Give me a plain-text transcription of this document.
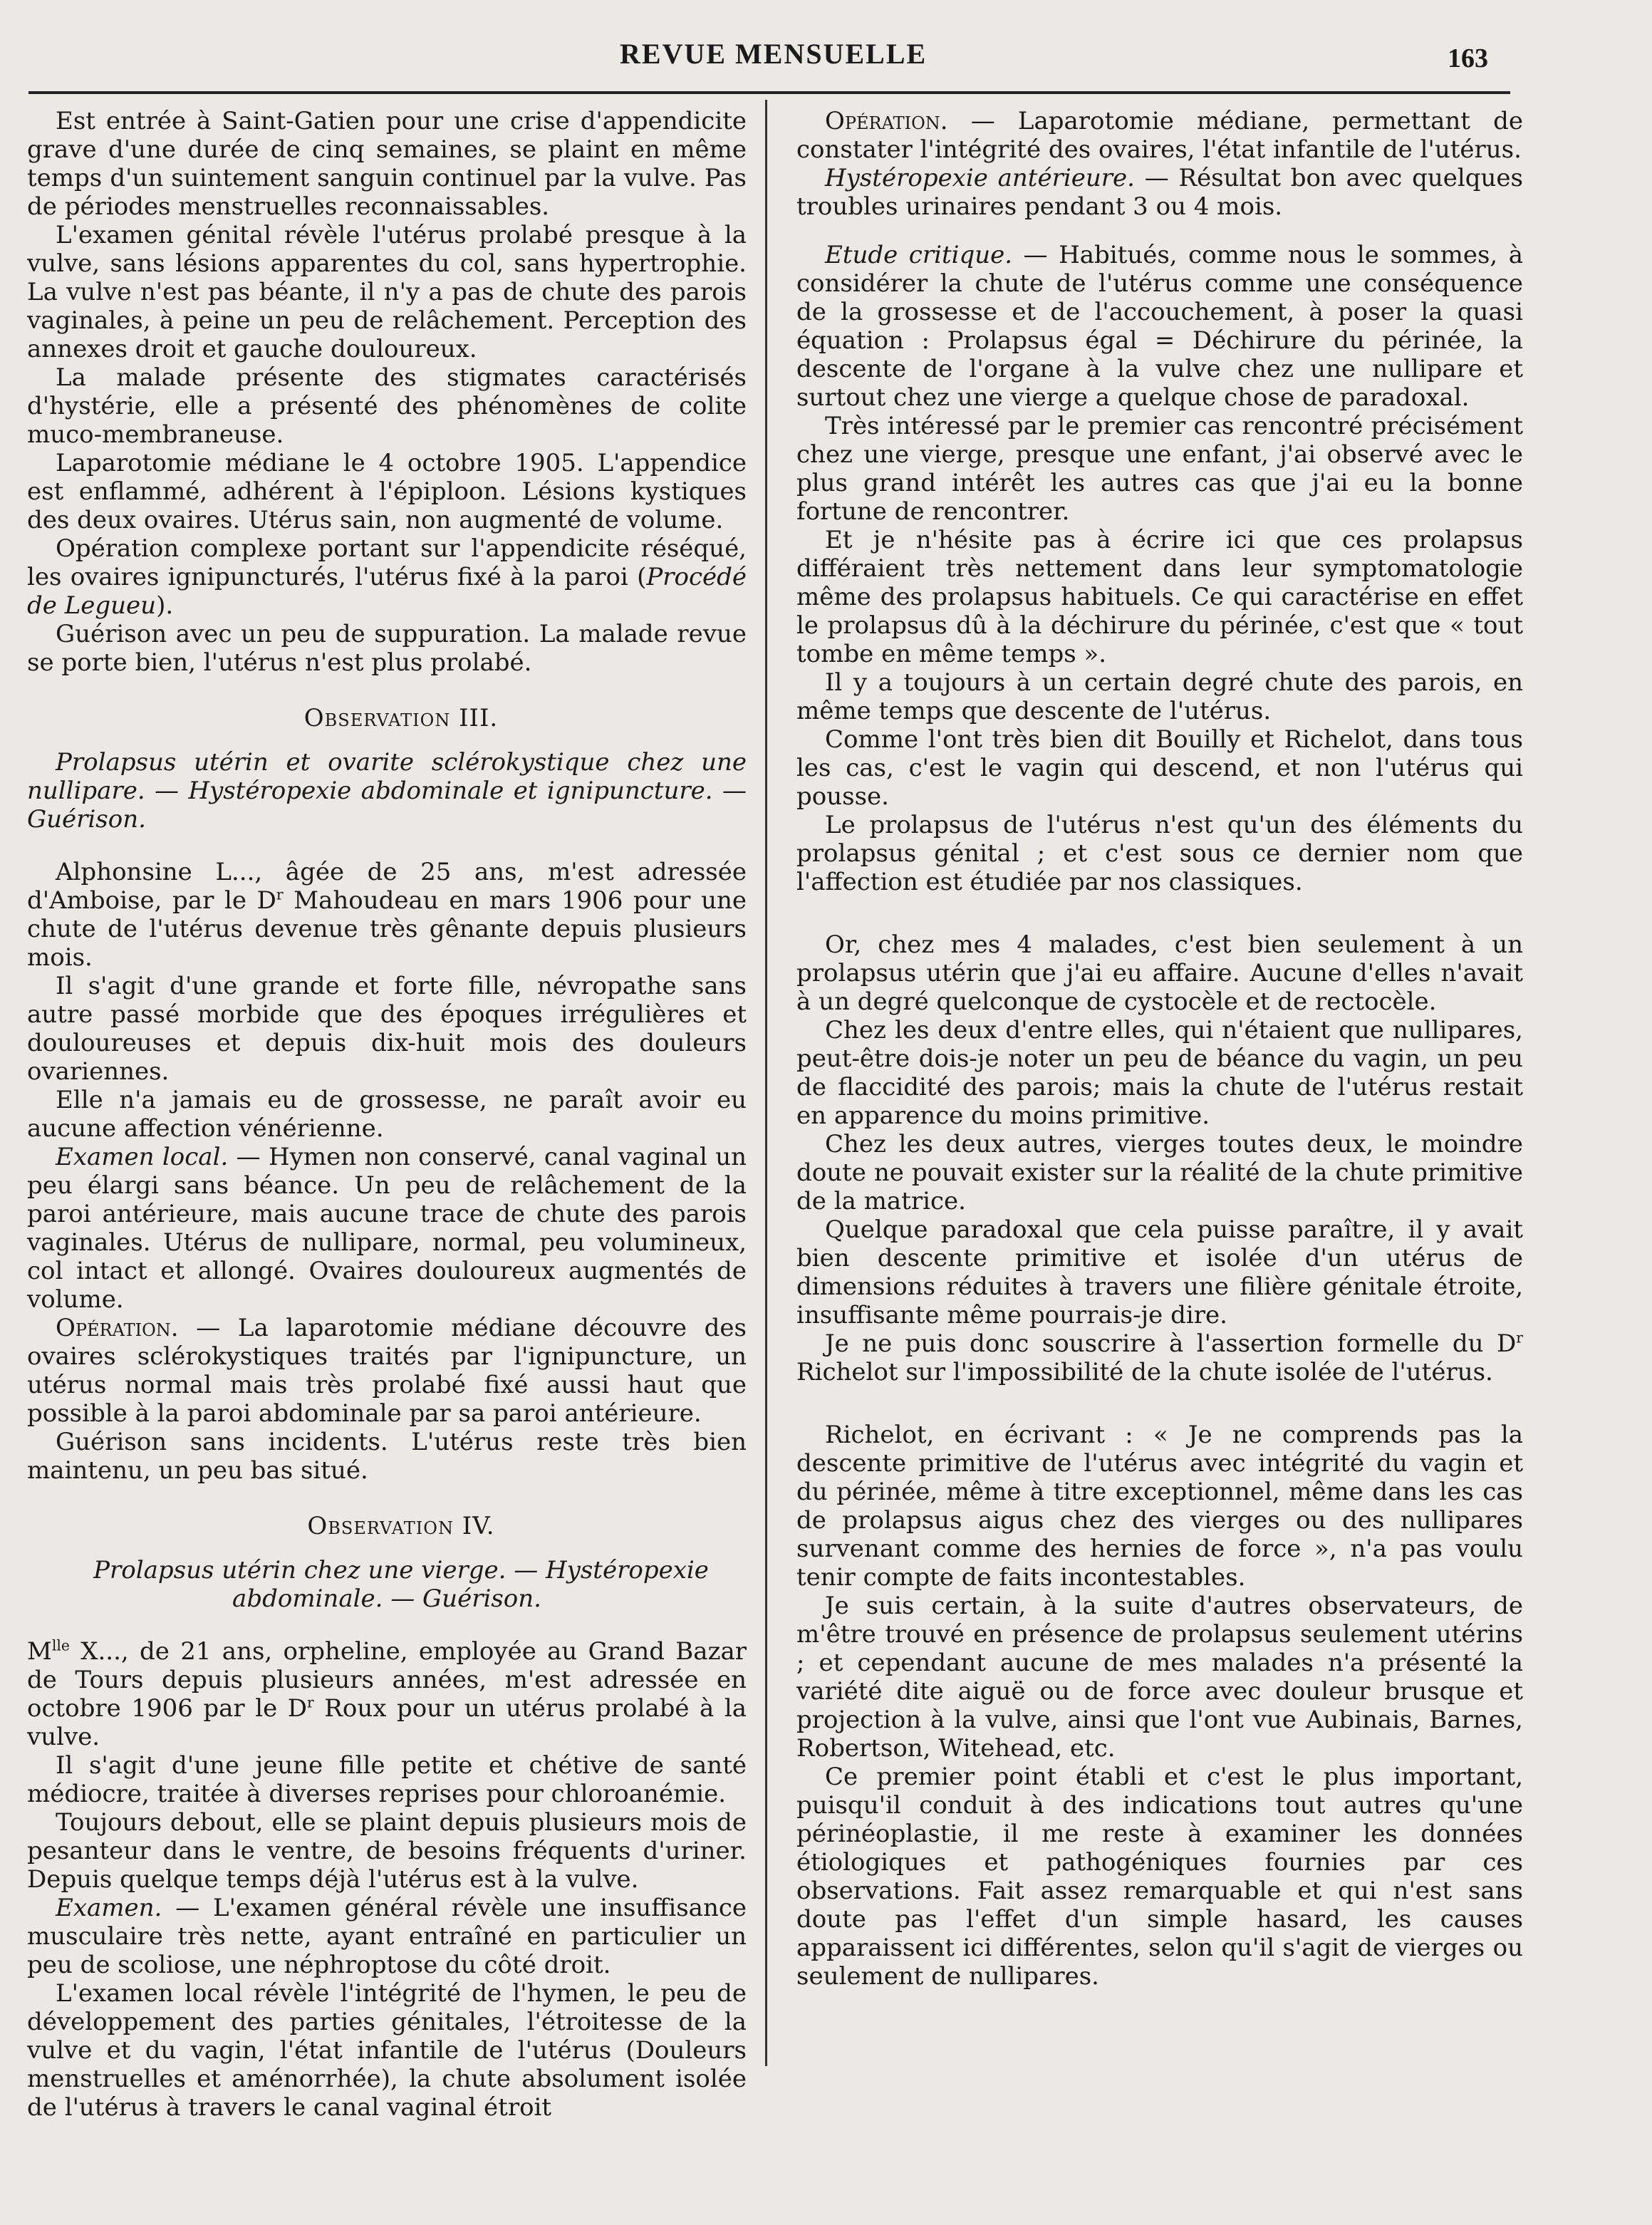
REVUE MENSUELLE	163

Est entrée à Saint-Gatien pour une crise d'appendicite grave d'une durée de cinq semaines, se plaint en même temps d'un suintement sanguin continuel par la vulve. Pas de périodes menstruelles reconnaissables.

L'examen génital révèle l'utérus prolabé presque à la vulve, sans lésions apparentes du col, sans hypertrophie. La vulve n'est pas béante, il n'y a pas de chute des parois vaginales, à peine un peu de relâchement. Perception des annexes droit et gauche douloureux.

La malade présente des stigmates caractérisés d'hystérie, elle a présenté des phénomènes de colite muco-membraneuse.

Laparotomie médiane le 4 octobre 1905. L'appendice est enflammé, adhérent à l'épiploon. Lésions kystiques des deux ovaires. Utérus sain, non augmenté de volume.

Opération complexe portant sur l'appendicite réséqué, les ovaires ignipuncturés, l'utérus fixé à la paroi (Procédé de Legueu).

Guérison avec un peu de suppuration. La malade revue se porte bien, l'utérus n'est plus prolabé.

Observation III.

Prolapsus utérin et ovarite sclérokystique chez une nullipare. — Hystéropexie abdominale et ignipuncture. — Guérison.

Alphonsine L..., âgée de 25 ans, m'est adressée d'Amboise, par le $D^r$ Mahoudeau en mars 1906 pour une chute de l'utérus devenue très gênante depuis plusieurs mois.

Il s'agit d'une grande et forte fille, névropathe sans autre passé morbide que des époques irrégulières et douloureuses et depuis dix-huit mois des douleurs ovariennes.

Elle n'a jamais eu de grossesse, ne paraît avoir eu aucune affection vénérienne.

Examen local. — Hymen non conservé, canal vaginal un peu élargi sans béance. Un peu de relâchement de la paroi antérieure, mais aucune trace de chute des parois vaginales. Utérus de nullipare, normal, peu volumineux, col intact et allongé. Ovaires douloureux augmentés de volume.

Opération. — La laparotomie médiane découvre des ovaires sclérokystiques traités par l'ignipuncture, un utérus normal mais très prolabé fixé aussi haut que possible à la paroi abdominale par sa paroi antérieure.

Guérison sans incidents. L'utérus reste très bien maintenu, un peu bas situé.

Observation IV.

Prolapsus utérin chez une vierge. — Hystéropexie abdominale. — Guérison.

$M^{lle}$ X..., de 21 ans, orpheline, employée au Grand Bazar de Tours depuis plusieurs années, m'est adressée en octobre 1906 par le $D^r$ Roux pour un utérus prolabé à la vulve.

Il s'agit d'une jeune fille petite et chétive de santé médiocre, traitée à diverses reprises pour chloroanémie.

Toujours debout, elle se plaint depuis plusieurs mois de pesanteur dans le ventre, de besoins fréquents d'uriner. Depuis quelque temps déjà l'utérus est à la vulve.

Examen. — L'examen général révèle une insuffisance musculaire très nette, ayant entraîné en particulier un peu de scoliose, une néphroptose du côté droit.

L'examen local révèle l'intégrité de l'hymen, le peu de développement des parties génitales, l'étroitesse de la vulve et du vagin, l'état infantile de l'utérus (Douleurs menstruelles et aménorrhée), la chute absolument isolée de l'utérus à travers le canal vaginal étroit

Opération. — Laparotomie médiane, permettant de constater l'intégrité des ovaires, l'état infantile de l'utérus.

Hystéropexie antérieure. — Résultat bon avec quelques troubles urinaires pendant 3 ou 4 mois.

Etude critique. — Habitués, comme nous le sommes, à considérer la chute de l'utérus comme une conséquence de la grossesse et de l'accouchement, à poser la quasi équation : Prolapsus égal = Déchirure du périnée, la descente de l'organe à la vulve chez une nullipare et surtout chez une vierge a quelque chose de paradoxal.

Très intéressé par le premier cas rencontré précisément chez une vierge, presque une enfant, j'ai observé avec le plus grand intérêt les autres cas que j'ai eu la bonne fortune de rencontrer.

Et je n'hésite pas à écrire ici que ces prolapsus différaient très nettement dans leur symptomatologie même des prolapsus habituels. Ce qui caractérise en effet le prolapsus dû à la déchirure du périnée, c'est que « tout tombe en même temps ».

Il y a toujours à un certain degré chute des parois, en même temps que descente de l'utérus.

Comme l'ont très bien dit Bouilly et Richelot, dans tous les cas, c'est le vagin qui descend, et non l'utérus qui pousse.

Le prolapsus de l'utérus n'est qu'un des éléments du prolapsus génital ; et c'est sous ce dernier nom que l'affection est étudiée par nos classiques.

Or, chez mes 4 malades, c'est bien seulement à un prolapsus utérin que j'ai eu affaire. Aucune d'elles n'avait à un degré quelconque de cystocèle et de rectocèle.

Chez les deux d'entre elles, qui n'étaient que nullipares, peut-être dois-je noter un peu de béance du vagin, un peu de flaccidité des parois; mais la chute de l'utérus restait en apparence du moins primitive.

Chez les deux autres, vierges toutes deux, le moindre doute ne pouvait exister sur la réalité de la chute primitive de la matrice.

Quelque paradoxal que cela puisse paraître, il y avait bien descente primitive et isolée d'un utérus de dimensions réduites à travers une filière génitale étroite, insuffisante même pourrais-je dire.

Je ne puis donc souscrire à l'assertion formelle du $D^r$ Richelot sur l'impossibilité de la chute isolée de l'utérus.

Richelot, en écrivant : « Je ne comprends pas la descente primitive de l'utérus avec intégrité du vagin et du périnée, même à titre exceptionnel, même dans les cas de prolapsus aigus chez des vierges ou des nullipares survenant comme des hernies de force », n'a pas voulu tenir compte de faits incontestables.

Je suis certain, à la suite d'autres observateurs, de m'être trouvé en présence de prolapsus seulement utérins ; et cependant aucune de mes malades n'a présenté la variété dite aiguë ou de force avec douleur brusque et projection à la vulve, ainsi que l'ont vue Aubinais, Barnes, Robertson, Witehead, etc.

Ce premier point établi et c'est le plus important, puisqu'il conduit à des indications tout autres qu'une périnéoplastie, il me reste à examiner les données étiologiques et pathogéniques fournies par ces observations. Fait assez remarquable et qui n'est sans doute pas l'effet d'un simple hasard, les causes apparaissent ici différentes, selon qu'il s'agit de vierges ou seulement de nullipares.
